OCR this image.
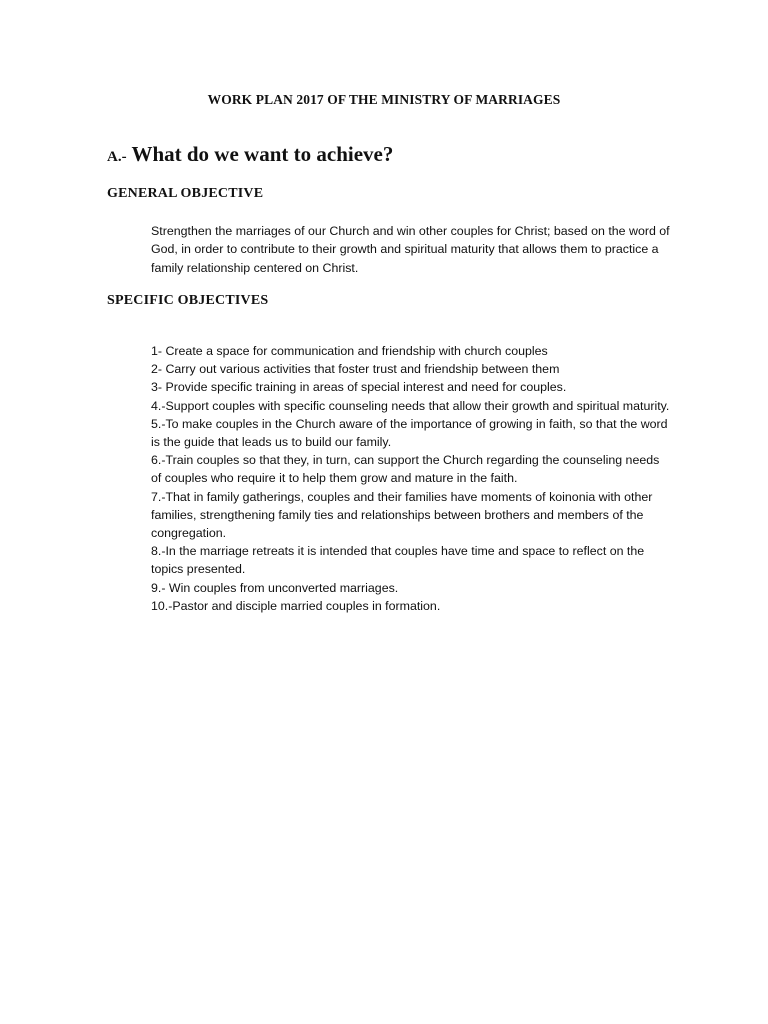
WORK PLAN 2017 OF THE MINISTRY OF MARRIAGES
A.- What do we want to achieve?
GENERAL OBJECTIVE
Strengthen the marriages of our Church and win other couples for Christ; based on the word of God, in order to contribute to their growth and spiritual maturity that allows them to practice a family relationship centered on Christ.
SPECIFIC OBJECTIVES
1- Create a space for communication and friendship with church couples
2- Carry out various activities that foster trust and friendship between them
3- Provide specific training in areas of special interest and need for couples.
4.-Support couples with specific counseling needs that allow their growth and spiritual maturity.
5.-To make couples in the Church aware of the importance of growing in faith, so that the word is the guide that leads us to build our family.
6.-Train couples so that they, in turn, can support the Church regarding the counseling needs of couples who require it to help them grow and mature in the faith.
7.-That in family gatherings, couples and their families have moments of koinonia with other families, strengthening family ties and relationships between brothers and members of the congregation.
8.-In the marriage retreats it is intended that couples have time and space to reflect on the topics presented.
9.- Win couples from unconverted marriages.
10.-Pastor and disciple married couples in formation.
